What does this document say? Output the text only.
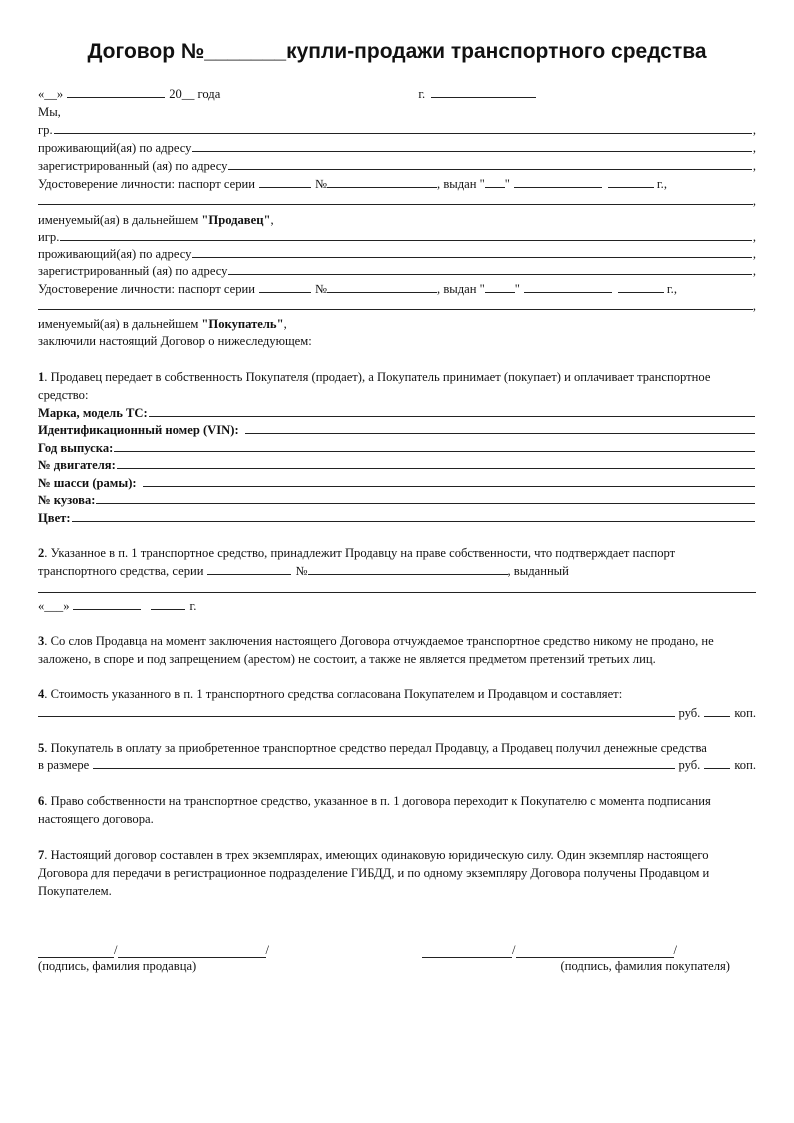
Договор №_______купли-продажи транспортного средства
«__»	20__ года	г.
Мы,
гр.	,
проживающий(ая) по адресу	,
зарегистрированный (ая) по адресу	,
Удостоверение личности: паспорт серии	№	, выдан " "	г.,
,
именуемый(ая) в дальнейшем "Продавец" ,
игр.	,
проживающий(ая) по адресу	,
зарегистрированный (ая) по адресу	,
Удостоверение личности: паспорт серии	№	, выдан " "	г.,
,
именуемый(ая) в дальнейшем "Покупатель" ,
заключили настоящий Договор о нижеследующем:
1. Продавец передает в собственность Покупателя (продает), а Покупатель принимает (покупает) и оплачивает транспортное средство:
Марка, модель ТС:
Идентификационный номер (VIN):
Год выпуска:
№ двигателя:
№ шасси (рамы):
№ кузова:
Цвет:
2 . Указанное в п. 1 транспортное средство, принадлежит Продавцу на праве собственности, что подтверждает паспорт
транспортного средства, серии	№	, выданный
«___»	г.
3. Со слов Продавца на момент заключения настоящего Договора отчуждаемое транспортное средство никому не продано, не заложено, в споре и под запрещением (арестом) не состоит, а также не является предметом претензий третьих лиц.
4 . Стоимость указанного в п. 1 транспортного средства согласована Покупателем и Продавцом и составляет:
руб.	коп.
5 . Покупатель в оплату за приобретенное транспортное средство передал Продавцу, а Продавец получил денежные средства
в размере	руб.	коп.
6. Право собственности на транспортное средство, указанное в п. 1 договора переходит к Покупателю с момента подписания настоящего договора.
7. Настоящий договор составлен в трех экземплярах, имеющих одинаковую юридическую силу. Один экземпляр настоящего Договора для передачи в регистрационное подразделение ГИБДД, и по одному экземпляру Договора получены Продавцом и Покупателем.
/	/	/	/
(подпись, фамилия продавца)	(подпись, фамилия покупателя)
